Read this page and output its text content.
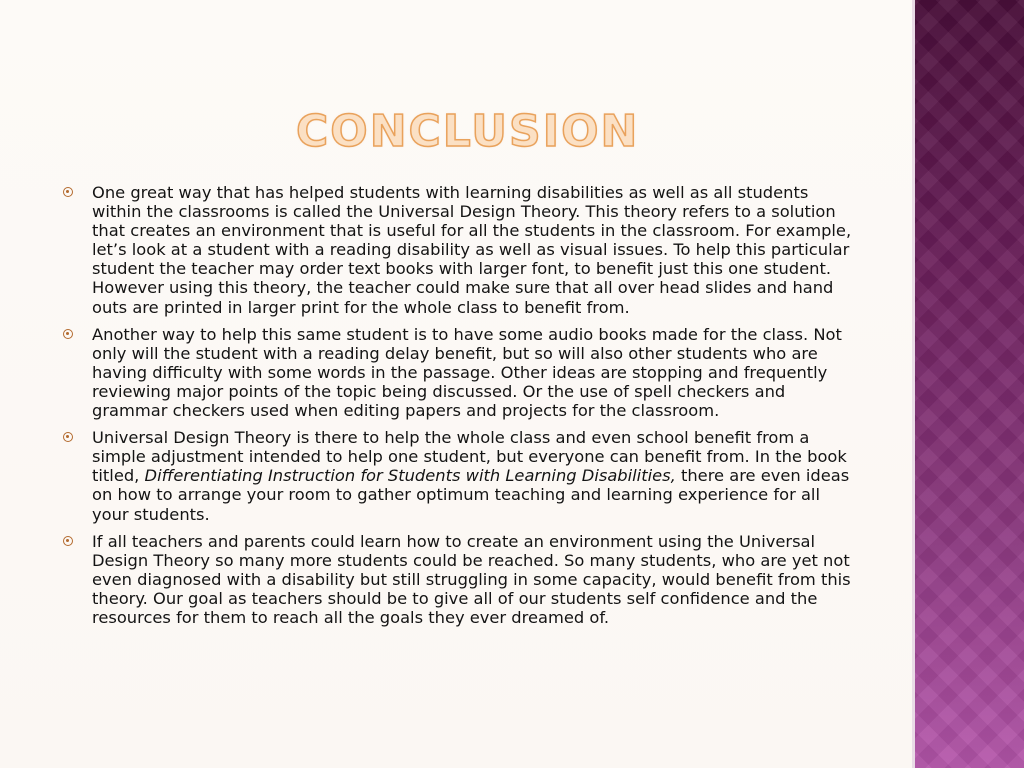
CONCLUSION
One great way that has helped students with learning disabilities as well as all students within the classrooms is called the Universal Design Theory. This theory refers to a solution that creates an environment that is useful for all the students in the classroom. For example, let’s look at a student with a reading disability as well as visual issues. To help this particular student the teacher may order text books with larger font, to benefit just this one student. However using this theory, the teacher could make sure that all over head slides and hand outs are printed in larger print for the whole class to benefit from.
Another way to help this same student is to have some audio books made for the class. Not only will the student with a reading delay benefit, but so will also other students who are having difficulty with some words in the passage. Other ideas are stopping and frequently reviewing major points of the topic being discussed. Or the use of spell checkers and grammar checkers used when editing papers and projects for the classroom.
Universal Design Theory is there to help the whole class and even school benefit from a simple adjustment intended to help one student, but everyone can benefit from. In the book titled, Differentiating Instruction for Students with Learning Disabilities, there are even ideas on how to arrange your room to gather optimum teaching and learning experience for all your students.
If all teachers and parents could learn how to create an environment using the Universal Design Theory so many more students could be reached. So many students, who are yet not even diagnosed with a disability but still struggling in some capacity, would benefit from this theory. Our goal as teachers should be to give all of our students self confidence and the resources for them to reach all the goals they ever dreamed of.
